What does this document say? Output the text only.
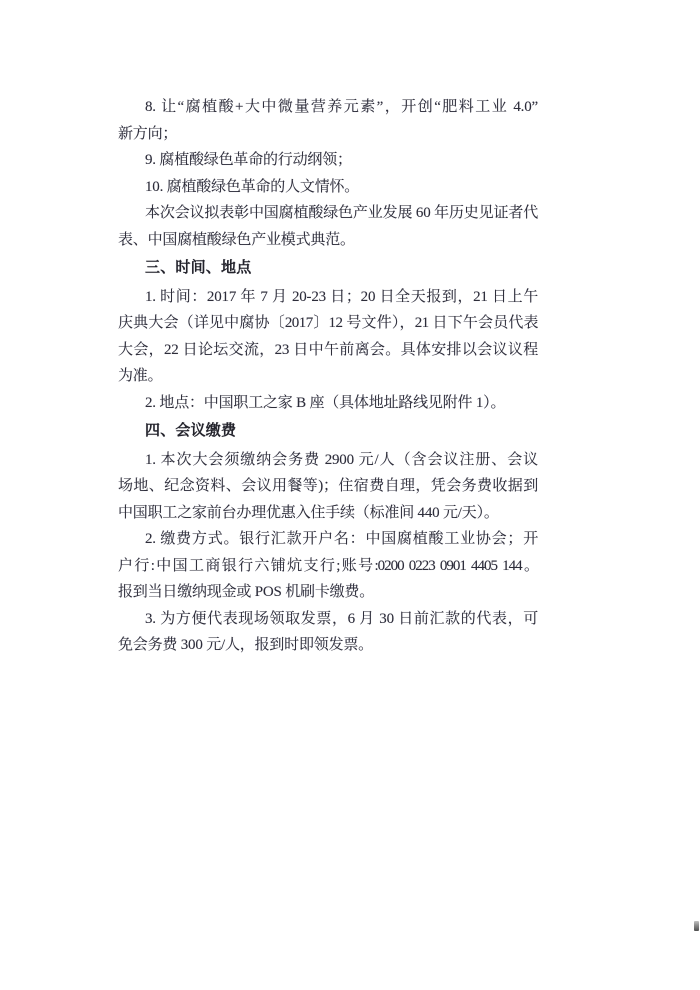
8. 让“腐植酸+大中微量营养元素”，开创“肥料工业 4.0”
新方向；
9. 腐植酸绿色革命的行动纲领；
10. 腐植酸绿色革命的人文情怀。
本次会议拟表彰中国腐植酸绿色产业发展 60 年历史见证者代
表、中国腐植酸绿色产业模式典范。
三、时间、地点
1. 时间：2017 年 7 月 20-23 日；20 日全天报到，21 日上午
庆典大会（详见中腐协〔2017〕12 号文件），21 日下午会员代表
大会，22 日论坛交流，23 日中午前离会。具体安排以会议议程
为准。
2. 地点：中国职工之家 B 座（具体地址路线见附件 1）。
四、会议缴费
1. 本次大会须缴纳会务费 2900 元/人（含会议注册、会议
场地、纪念资料、会议用餐等)；住宿费自理，凭会务费收据到
中国职工之家前台办理优惠入住手续（标准间 440 元/天）。
2. 缴费方式。银行汇款开户名：中国腐植酸工业协会；开
户行:中国工商银行六铺炕支行;账号:0200 0223 0901 4405 144。
报到当日缴纳现金或 POS 机刷卡缴费。
3. 为方便代表现场领取发票，6 月 30 日前汇款的代表，可
免会务费 300 元/人，报到时即领发票。
